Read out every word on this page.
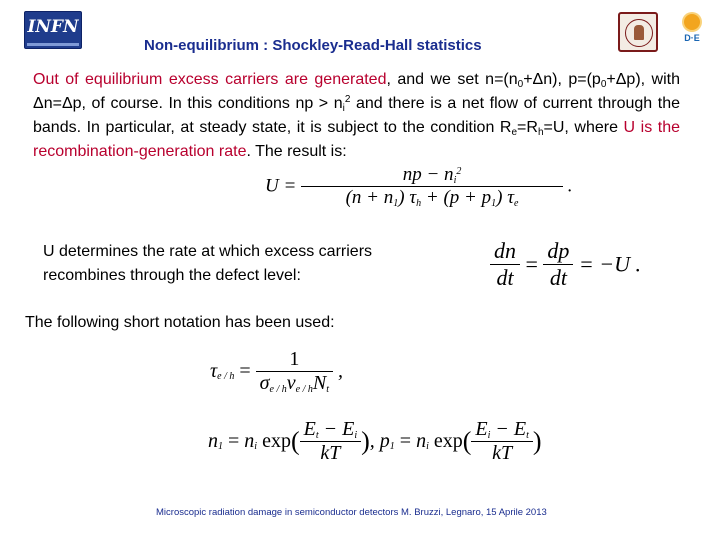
INFN
D·E
Non-equilibrium : Shockley-Read-Hall statistics
Out of equilibrium excess carriers are generated, and we set $n=(n_0+\Delta n)$, $p=(p_0+\Delta p)$, with Δn=Δp, of course. In this conditions np > $n_i^2$ and there is a net flow of current through the bands. In particular, at steady state, it is subject to the condition $R_e=R_h=U$, where U is the recombination-generation rate. The result is:
$U = \frac{np - n_i^2}{(n + n_1) \tau_h + (p + p_1) \tau_e}$ .
U determines the rate at which excess carriers
recombines through the defect level:	$\frac{dn}{dt} = \frac{dp}{dt} = -U$ .
The following short notation has been used:
$\tau_{e / h} = \frac{1}{\sigma_{e / h}v_{e / h}N_t}$ ,
$n_1 = n_i$ $\exp( \frac{E_t - E_i}{kT}$ ), $p_1 = n_i$ $\exp( \frac{E_i - E_t}{kT}$ )
Microscopic radiation damage in semiconductor detectors M. Bruzzi, Legnaro, 15 Aprile 2013
